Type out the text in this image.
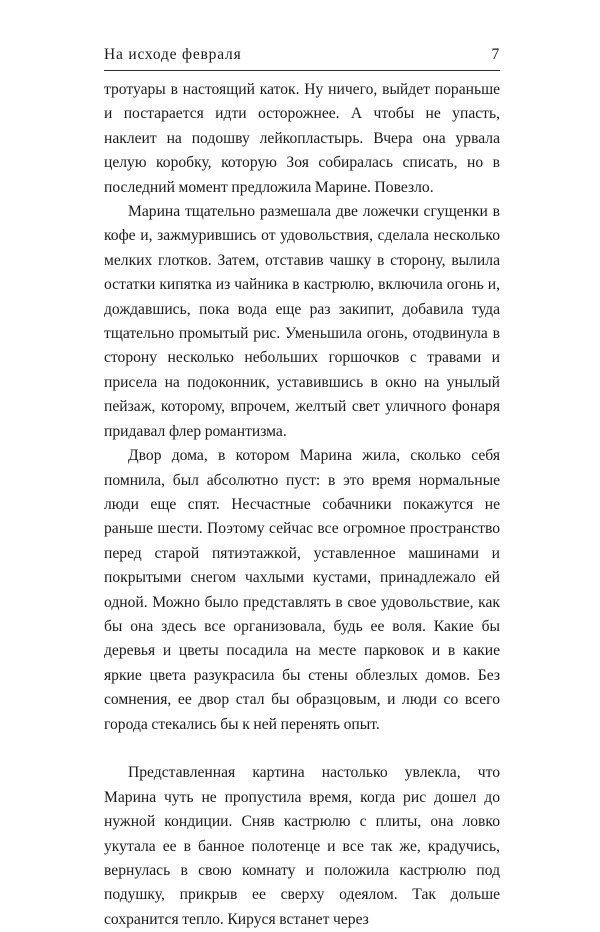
На исходе февраля	7

тротуары в настоящий каток. Ну ничего, выйдет пораньше и постарается идти осторожнее. А чтобы не упасть, наклеит на подошву лейкопластырь. Вчера она урвала целую коробку, которую Зоя собиралась списать, но в последний момент предложила Марине. Повезло.

Марина тщательно размешала две ложечки сгущенки в кофе и, зажмурившись от удовольствия, сделала несколько мелких глотков. Затем, отставив чашку в сторону, вылила остатки кипятка из чайника в кастрюлю, включила огонь и, дождавшись, пока вода еще раз закипит, добавила туда тщательно промытый рис. Уменьшила огонь, отодвинула в сторону несколько небольших горшочков с травами и присела на подоконник, уставившись в окно на унылый пейзаж, которому, впрочем, желтый свет уличного фонаря придавал флер романтизма.

Двор дома, в котором Марина жила, сколько себя помнила, был абсолютно пуст: в это время нормальные люди еще спят. Несчастные собачники покажутся не раньше шести. Поэтому сейчас все огромное пространство перед старой пятиэтажкой, уставленное машинами и покрытыми снегом чахлыми кустами, принадлежало ей одной. Можно было представлять в свое удовольствие, как бы она здесь все организовала, будь ее воля. Какие бы деревья и цветы посадила на месте парковок и в какие яркие цвета разукрасила бы стены облезлых домов. Без сомнения, ее двор стал бы образцовым, и люди со всего города стекались бы к ней перенять опыт.

Представленная картина настолько увлекла, что Марина чуть не пропустила время, когда рис дошел до нужной кондиции. Сняв кастрюлю с плиты, она ловко укутала ее в банное полотенце и все так же, крадучись, вернулась в свою комнату и положила кастрюлю под подушку, прикрыв ее сверху одеялом. Так дольше сохранится тепло. Кируся встанет через
